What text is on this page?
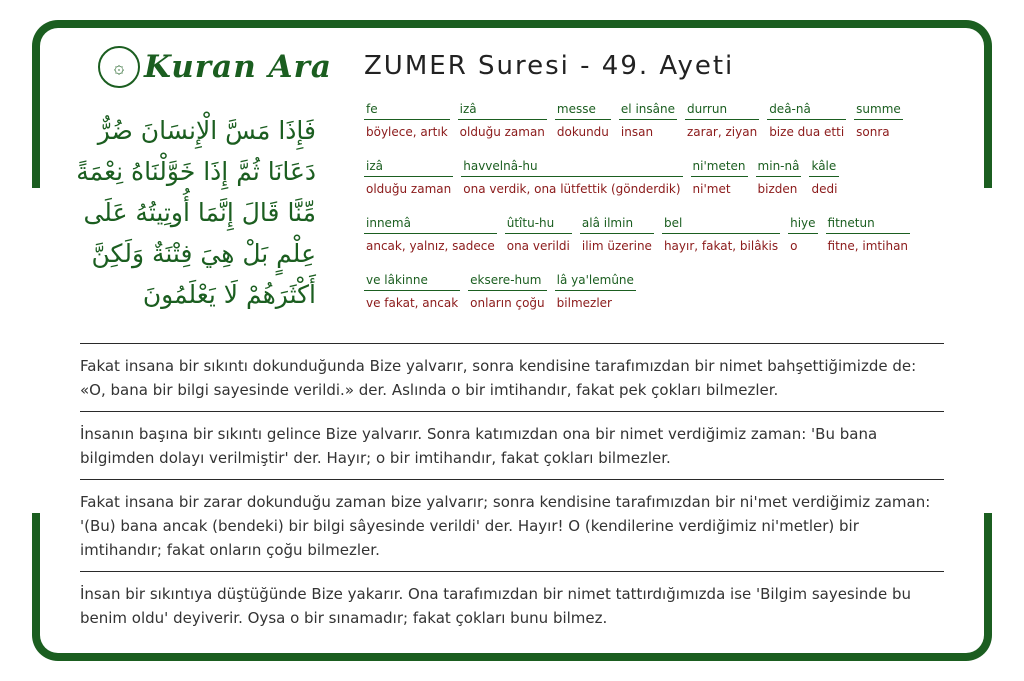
۞ Kuran Ara
فَإِذَا مَسَّ الْإِنسَانَ ضُرٌّ دَعَانَا ثُمَّ إِذَا خَوَّلْنَاهُ نِعْمَةً مِّنَّا قَالَ إِنَّمَا أُوتِيتُهُ عَلَى عِلْمٍ بَلْ هِيَ فِتْنَةٌ وَلَكِنَّ أَكْثَرَهُمْ لَا يَعْلَمُونَ
ZUMER Suresi - 49. Ayeti
fe
böylece, artık
izâ
olduğu zaman
messe
dokundu
el insâne
insan
durrun
zarar, ziyan
deâ-nâ
bize dua etti
summe
sonra
izâ
olduğu zaman
havvelnâ-hu
ona verdik, ona lütfettik (gönderdik)
ni'meten
ni'met
min-nâ
bizden
kâle
dedi
innemâ
ancak, yalnız, sadece
ûtîtu-hu
ona verildi
alâ ilmin
ilim üzerine
bel
hayır, fakat, bilâkis
hiye
o
fitnetun
fitne, imtihan
ve lâkinne
ve fakat, ancak
eksere-hum
onların çoğu
lâ ya'lemûne
bilmezler
Fakat insana bir sıkıntı dokunduğunda Bize yalvarır, sonra kendisine tarafımızdan bir nimet bahşettiğimizde de: «O, bana bir bilgi sayesinde verildi.» der. Aslında o bir imtihandır, fakat pek çokları bilmezler.
İnsanın başına bir sıkıntı gelince Bize yalvarır. Sonra katımızdan ona bir nimet verdiğimiz zaman: 'Bu bana bilgimden dolayı verilmiştir' der. Hayır; o bir imtihandır, fakat çokları bilmezler.
Fakat insana bir zarar dokunduğu zaman bize yalvarır; sonra kendisine tarafımızdan bir ni'met verdiğimiz zaman: '(Bu) bana ancak (bendeki) bir bilgi sâyesinde verildi' der. Hayır! O (kendilerine verdiğimiz ni'metler) bir imtihandır; fakat onların çoğu bilmezler.
İnsan bir sıkıntıya düştüğünde Bize yakarır. Ona tarafımızdan bir nimet tattırdığımızda ise 'Bilgim sayesinde bu benim oldu' deyiverir. Oysa o bir sınamadır; fakat çokları bunu bilmez.
